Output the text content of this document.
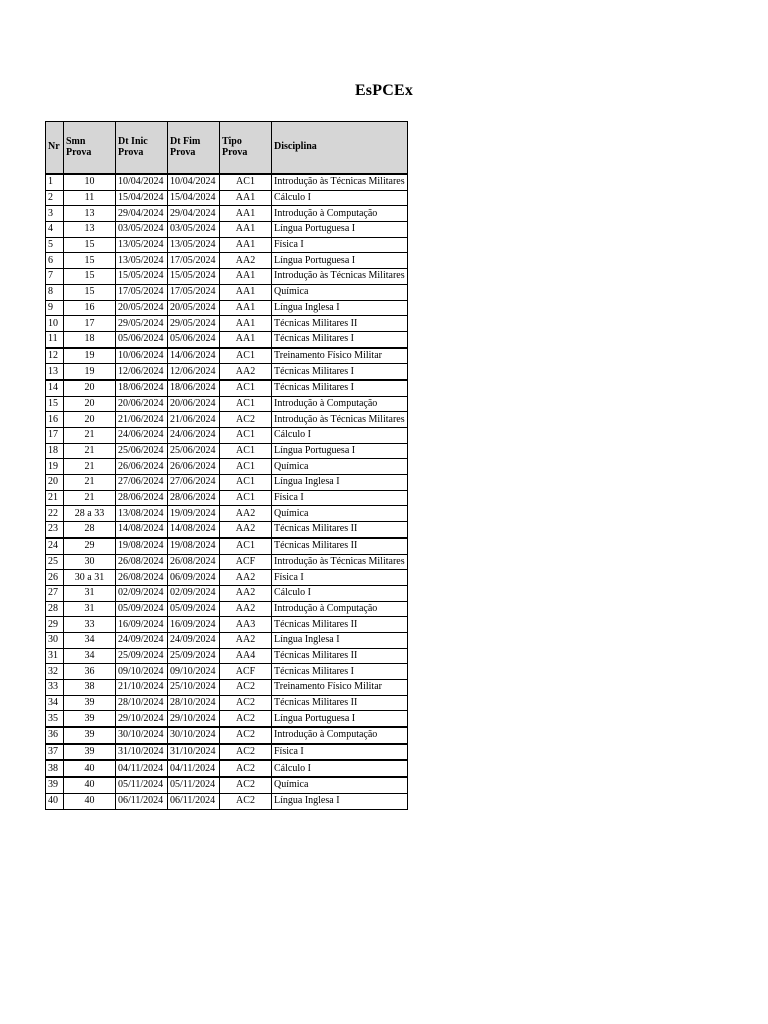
EsPCEx
Nr	Smn Prova	Dt Inic Prova	Dt Fim Prova	Tipo Prova	Disciplina
1	10	10/04/2024	10/04/2024	AC1	Introdução às Técnicas Militares
2	11	15/04/2024	15/04/2024	AA1	Cálculo I
3	13	29/04/2024	29/04/2024	AA1	Introdução à Computação
4	13	03/05/2024	03/05/2024	AA1	Língua Portuguesa I
5	15	13/05/2024	13/05/2024	AA1	Física I
6	15	13/05/2024	17/05/2024	AA2	Língua Portuguesa I
7	15	15/05/2024	15/05/2024	AA1	Introdução às Técnicas Militares
8	15	17/05/2024	17/05/2024	AA1	Química
9	16	20/05/2024	20/05/2024	AA1	Língua Inglesa I
10	17	29/05/2024	29/05/2024	AA1	Técnicas Militares II
11	18	05/06/2024	05/06/2024	AA1	Técnicas Militares I
12	19	10/06/2024	14/06/2024	AC1	Treinamento Físico Militar
13	19	12/06/2024	12/06/2024	AA2	Técnicas Militares I
14	20	18/06/2024	18/06/2024	AC1	Técnicas Militares I
15	20	20/06/2024	20/06/2024	AC1	Introdução à Computação
16	20	21/06/2024	21/06/2024	AC2	Introdução às Técnicas Militares
17	21	24/06/2024	24/06/2024	AC1	Cálculo I
18	21	25/06/2024	25/06/2024	AC1	Língua Portuguesa I
19	21	26/06/2024	26/06/2024	AC1	Química
20	21	27/06/2024	27/06/2024	AC1	Língua Inglesa I
21	21	28/06/2024	28/06/2024	AC1	Física I
22	28 a 33	13/08/2024	19/09/2024	AA2	Química
23	28	14/08/2024	14/08/2024	AA2	Técnicas Militares II
24	29	19/08/2024	19/08/2024	AC1	Técnicas Militares II
25	30	26/08/2024	26/08/2024	ACF	Introdução às Técnicas Militares
26	30 a 31	26/08/2024	06/09/2024	AA2	Física I
27	31	02/09/2024	02/09/2024	AA2	Cálculo I
28	31	05/09/2024	05/09/2024	AA2	Introdução à Computação
29	33	16/09/2024	16/09/2024	AA3	Técnicas Militares II
30	34	24/09/2024	24/09/2024	AA2	Língua Inglesa I
31	34	25/09/2024	25/09/2024	AA4	Técnicas Militares II
32	36	09/10/2024	09/10/2024	ACF	Técnicas Militares I
33	38	21/10/2024	25/10/2024	AC2	Treinamento Físico Militar
34	39	28/10/2024	28/10/2024	AC2	Técnicas Militares II
35	39	29/10/2024	29/10/2024	AC2	Língua Portuguesa I
36	39	30/10/2024	30/10/2024	AC2	Introdução à Computação
37	39	31/10/2024	31/10/2024	AC2	Física I
38	40	04/11/2024	04/11/2024	AC2	Cálculo I
39	40	05/11/2024	05/11/2024	AC2	Química
40	40	06/11/2024	06/11/2024	AC2	Língua Inglesa I
